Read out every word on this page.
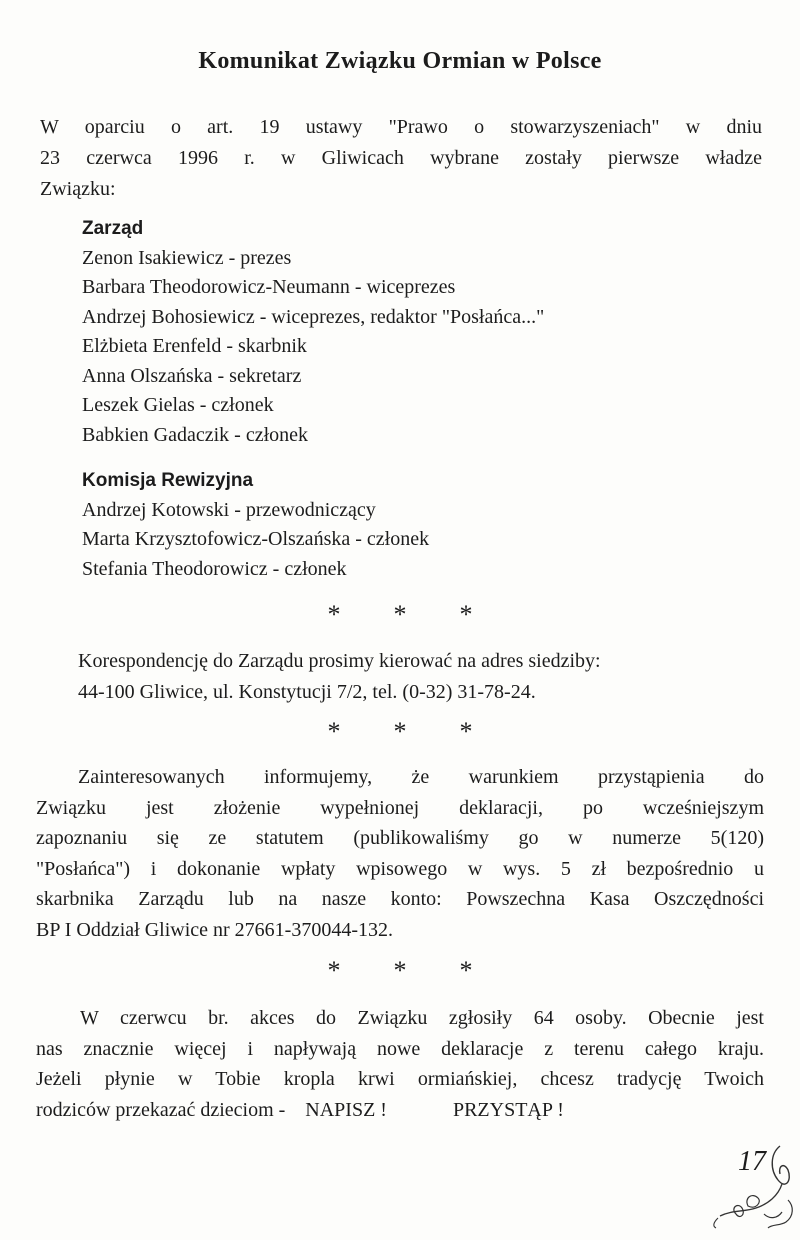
Komunikat Związku Ormian w Polsce
W oparciu o art. 19 ustawy "Prawo o stowarzyszeniach" w dniu
23 czerwca 1996 r. w Gliwicach wybrane zostały pierwsze władze
Związku:
Zarząd
Zenon Isakiewicz - prezes
Barbara Theodorowicz-Neumann - wiceprezes
Andrzej Bohosiewicz - wiceprezes, redaktor "Posłańca..."
Elżbieta Erenfeld - skarbnik
Anna Olszańska - sekretarz
Leszek Gielas - członek
Babkien Gadaczik - członek
Komisja Rewizyjna
Andrzej Kotowski - przewodniczący
Marta Krzysztofowicz-Olszańska - członek
Stefania Theodorowicz - członek
* * *
Korespondencję do Zarządu prosimy kierować na adres siedziby:
44-100 Gliwice, ul. Konstytucji 7/2, tel. (0-32) 31-78-24.
* * *
Zainteresowanych informujemy, że warunkiem przystąpienia do
Związku jest złożenie wypełnionej deklaracji, po wcześniejszym
zapoznaniu się ze statutem (publikowaliśmy go w numerze 5(120)
"Posłańca") i dokonanie wpłaty wpisowego w wys. 5 zł bezpośrednio u
skarbnika Zarządu lub na nasze konto: Powszechna Kasa Oszczędności
BP I Oddział Gliwice nr 27661-370044-132.
* * *
W czerwcu br. akces do Związku zgłosiły 64 osoby. Obecnie jest
nas znacznie więcej i napływają nowe deklaracje z terenu całego kraju.
Jeżeli płynie w Tobie kropla krwi ormiańskiej, chcesz tradycję Twoich
rodziców przekazać dzieciom - NAPISZ !	PRZYSTĄP !
17
